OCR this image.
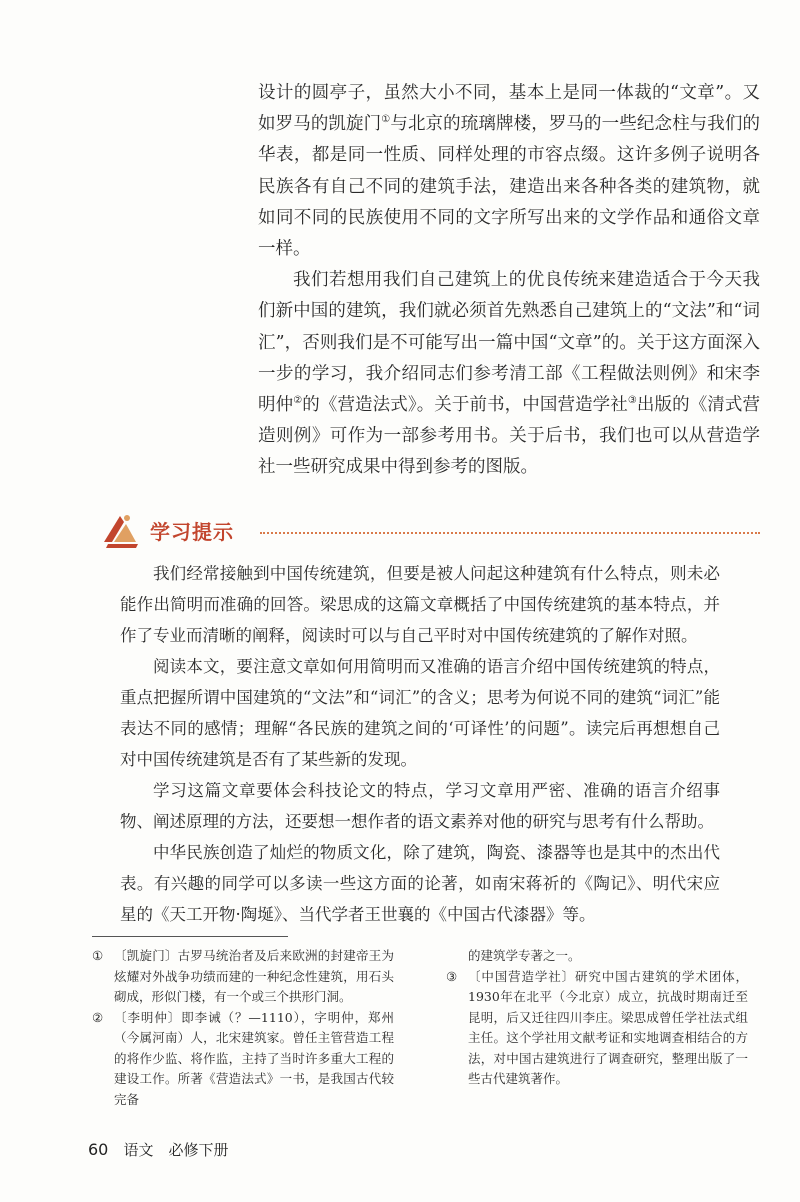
设计的圆亭子，虽然大小不同，基本上是同一体裁的“文章”。又如罗马的凯旋门①与北京的琉璃牌楼，罗马的一些纪念柱与我们的华表，都是同一性质、同样处理的市容点缀。这许多例子说明各民族各有自己不同的建筑手法，建造出来各种各类的建筑物，就如同不同的民族使用不同的文字所写出来的文学作品和通俗文章一样。

我们若想用我们自己建筑上的优良传统来建造适合于今天我们新中国的建筑，我们就必须首先熟悉自己建筑上的“文法”和“词汇”，否则我们是不可能写出一篇中国“文章”的。关于这方面深入一步的学习，我介绍同志们参考清工部《工程做法则例》和宋李明仲②的《营造法式》。关于前书，中国营造学社③出版的《清式营造则例》可作为一部参考用书。关于后书，我们也可以从营造学社一些研究成果中得到参考的图版。

学习提示

我们经常接触到中国传统建筑，但要是被人问起这种建筑有什么特点，则未必能作出简明而准确的回答。梁思成的这篇文章概括了中国传统建筑的基本特点，并作了专业而清晰的阐释，阅读时可以与自己平时对中国传统建筑的了解作对照。

阅读本文，要注意文章如何用简明而又准确的语言介绍中国传统建筑的特点，重点把握所谓中国建筑的“文法”和“词汇”的含义；思考为何说不同的建筑“词汇”能表达不同的感情；理解“各民族的建筑之间的‘可译性’的问题”。读完后再想想自己对中国传统建筑是否有了某些新的发现。

学习这篇文章要体会科技论文的特点，学习文章用严密、准确的语言介绍事物、阐述原理的方法，还要想一想作者的语文素养对他的研究与思考有什么帮助。

中华民族创造了灿烂的物质文化，除了建筑，陶瓷、漆器等也是其中的杰出代表。有兴趣的同学可以多读一些这方面的论著，如南宋蒋祈的《陶记》、明代宋应星的《天工开物·陶埏》、当代学者王世襄的《中国古代漆器》等。

① 〔凯旋门〕古罗马统治者及后来欧洲的封建帝王为炫耀对外战争功绩而建的一种纪念性建筑，用石头砌成，形似门楼，有一个或三个拱形门洞。
② 〔李明仲〕即李诫（？—1110），字明仲，郑州（今属河南）人，北宋建筑家。曾任主管营造工程的将作少监、将作监，主持了当时许多重大工程的建设工作。所著《营造法式》一书，是我国古代较完备
的建筑学专著之一。
③ 〔中国营造学社〕研究中国古建筑的学术团体，1930年在北平（今北京）成立，抗战时期南迁至昆明，后又迁往四川李庄。梁思成曾任学社法式组主任。这个学社用文献考证和实地调查相结合的方法，对中国古建筑进行了调查研究，整理出版了一些古代建筑著作。
60 语文　必修下册
